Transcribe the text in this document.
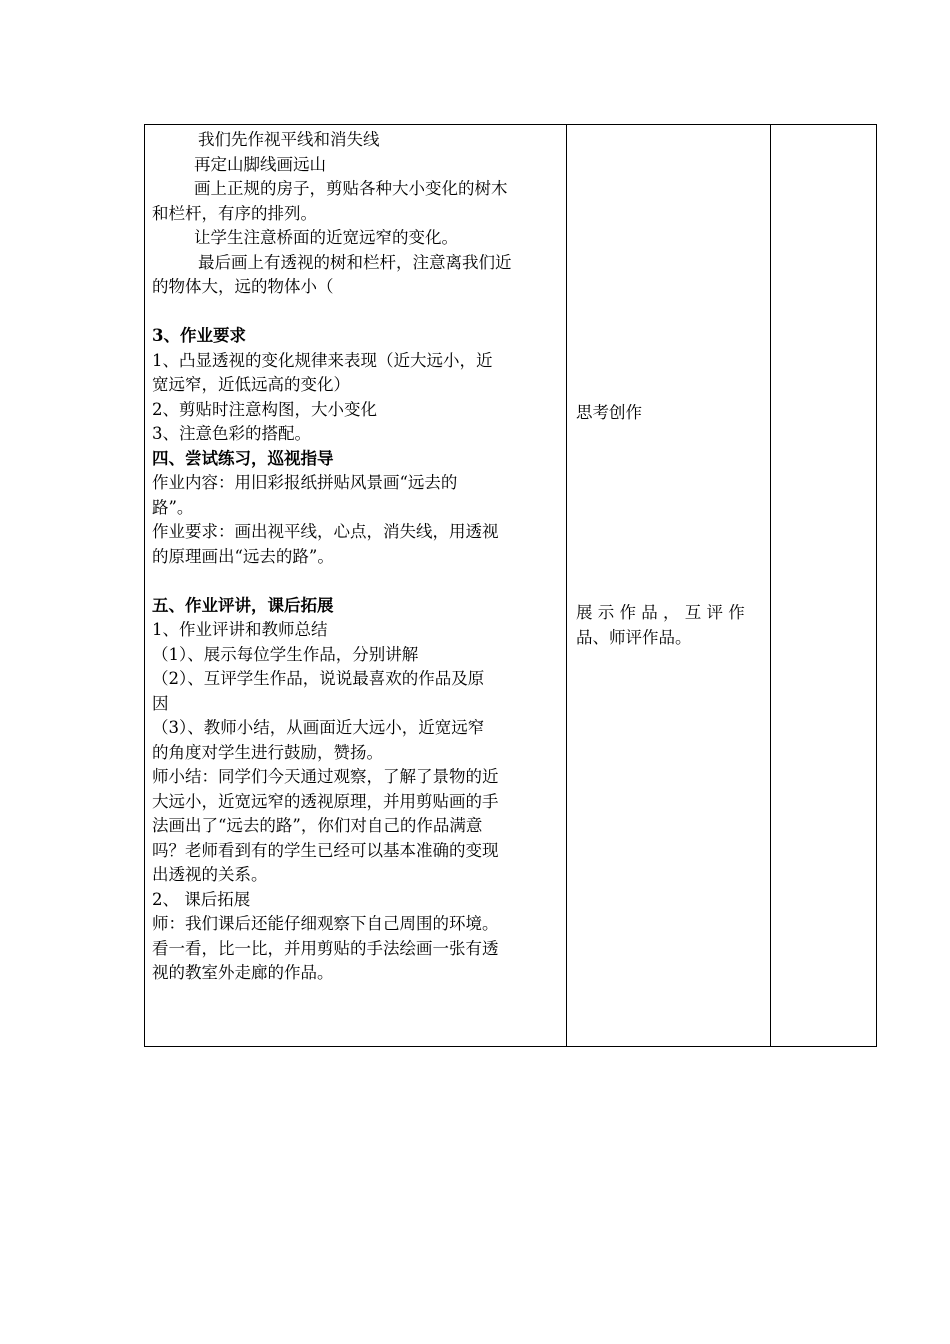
我们先作视平线和消失线
再定山脚线画远山
画上正规的房子，剪贴各种大小变化的树木
和栏杆，有序的排列。
让学生注意桥面的近宽远窄的变化。
最后画上有透视的树和栏杆，注意离我们近
的物体大，远的物体小（
3、作业要求
1、凸显透视的变化规律来表现（近大远小，近
宽远窄，近低远高的变化）
2、剪贴时注意构图，大小变化
3、注意色彩的搭配。
四、尝试练习，巡视指导
作业内容：用旧彩报纸拼贴风景画“远去的
路”。
作业要求：画出视平线，心点，消失线，用透视
的原理画出“远去的路”。
五、作业评讲，课后拓展
1、作业评讲和教师总结
（1）、展示每位学生作品，分别讲解
（2）、互评学生作品，说说最喜欢的作品及原
因
（3）、教师小结，从画面近大远小，近宽远窄
的角度对学生进行鼓励，赞扬。
师小结：同学们今天通过观察，了解了景物的近
大远小，近宽远窄的透视原理，并用剪贴画的手
法画出了“远去的路”，你们对自己的作品满意
吗？老师看到有的学生已经可以基本准确的变现
出透视的关系。
2、 课后拓展
师：我们课后还能仔细观察下自己周围的环境。
看一看，比一比，并用剪贴的手法绘画一张有透
视的教室外走廊的作品。
思考创作
展 示 作 品 ， 互 评 作
品、师评作品。
